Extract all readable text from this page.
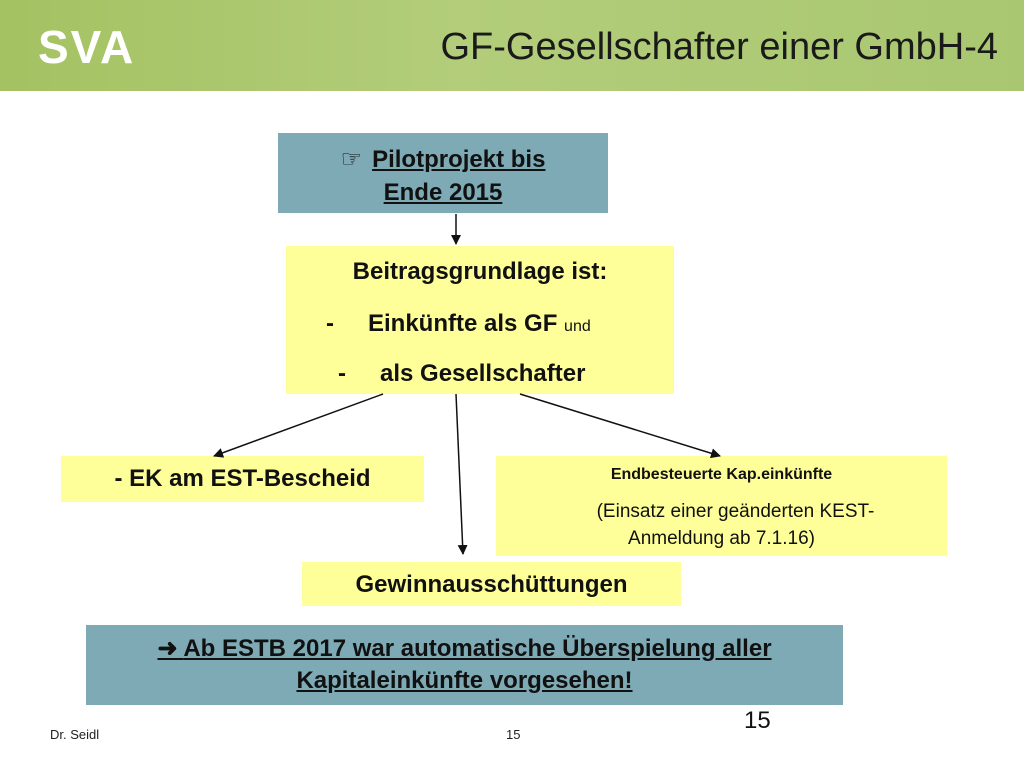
SVA	GF-Gesellschafter einer GmbH-4
☞ Pilotprojekt bis
Ende 2015
Beitragsgrundlage ist:
- Einkünfte als GF und
- als Gesellschafter
- EK am EST-Bescheid	Endbesteuerte Kap.einkünfte
(Einsatz einer geänderten KEST-
Anmeldung ab 7.1.16)
Gewinnausschüttungen
➜ Ab ESTB 2017 war automatische Überspielung aller
Kapitaleinkünfte vorgesehen!
15
Dr. Seidl	15
